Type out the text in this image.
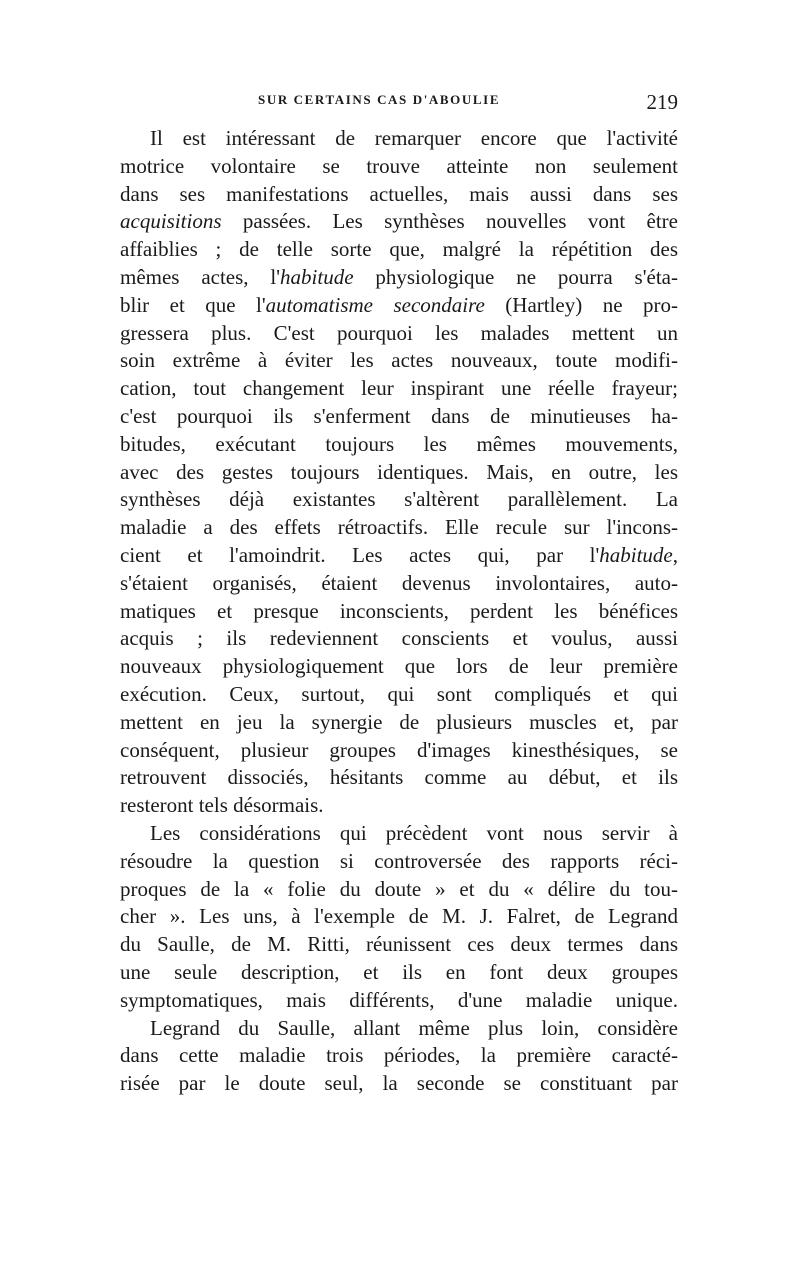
SUR CERTAINS CAS D'ABOULIE	219
Il est intéressant de remarquer encore que l'activité
motrice volontaire se trouve atteinte non seulement
dans ses manifestations actuelles, mais aussi dans ses
acquisitions passées. Les synthèses nouvelles vont être
affaiblies ; de telle sorte que, malgré la répétition des
mêmes actes, l'habitude physiologique ne pourra s'éta-
blir et que l'automatisme secondaire (Hartley) ne pro-
gressera plus. C'est pourquoi les malades mettent un
soin extrême à éviter les actes nouveaux, toute modifi-
cation, tout changement leur inspirant une réelle frayeur;
c'est pourquoi ils s'enferment dans de minutieuses ha-
bitudes, exécutant toujours les mêmes mouvements,
avec des gestes toujours identiques. Mais, en outre, les
synthèses déjà existantes s'altèrent parallèlement. La
maladie a des effets rétroactifs. Elle recule sur l'incons-
cient et l'amoindrit. Les actes qui, par l'habitude,
s'étaient organisés, étaient devenus involontaires, auto-
matiques et presque inconscients, perdent les bénéfices
acquis ; ils redeviennent conscients et voulus, aussi
nouveaux physiologiquement que lors de leur première
exécution. Ceux, surtout, qui sont compliqués et qui
mettent en jeu la synergie de plusieurs muscles et, par
conséquent, plusieur groupes d'images kinesthésiques, se
retrouvent dissociés, hésitants comme au début, et ils
resteront tels désormais.
Les considérations qui précèdent vont nous servir à
résoudre la question si controversée des rapports réci-
proques de la « folie du doute » et du « délire du tou-
cher ». Les uns, à l'exemple de M. J. Falret, de Legrand
du Saulle, de M. Ritti, réunissent ces deux termes dans
une seule description, et ils en font deux groupes
symptomatiques, mais différents, d'une maladie unique.
Legrand du Saulle, allant même plus loin, considère
dans cette maladie trois périodes, la première caracté-
risée par le doute seul, la seconde se constituant par
